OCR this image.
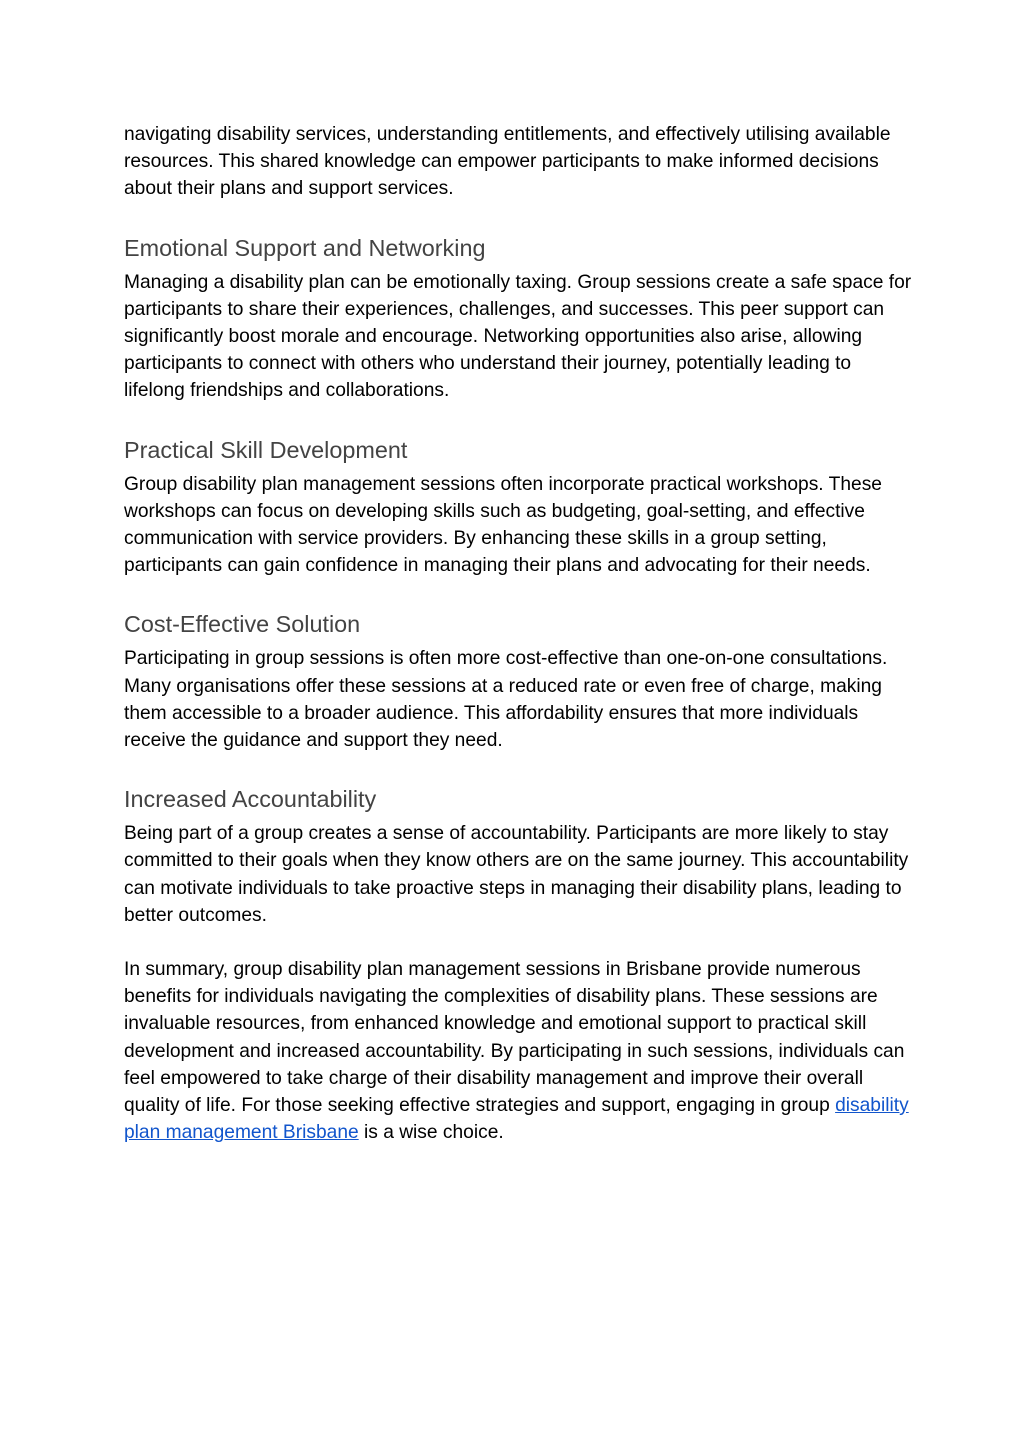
navigating disability services, understanding entitlements, and effectively utilising available resources. This shared knowledge can empower participants to make informed decisions about their plans and support services.

Emotional Support and Networking

Managing a disability plan can be emotionally taxing. Group sessions create a safe space for participants to share their experiences, challenges, and successes. This peer support can significantly boost morale and encourage. Networking opportunities also arise, allowing participants to connect with others who understand their journey, potentially leading to lifelong friendships and collaborations.

Practical Skill Development

Group disability plan management sessions often incorporate practical workshops. These workshops can focus on developing skills such as budgeting, goal-setting, and effective communication with service providers. By enhancing these skills in a group setting, participants can gain confidence in managing their plans and advocating for their needs.

Cost-Effective Solution

Participating in group sessions is often more cost-effective than one-on-one consultations. Many organisations offer these sessions at a reduced rate or even free of charge, making them accessible to a broader audience. This affordability ensures that more individuals receive the guidance and support they need.

Increased Accountability

Being part of a group creates a sense of accountability. Participants are more likely to stay committed to their goals when they know others are on the same journey. This accountability can motivate individuals to take proactive steps in managing their disability plans, leading to better outcomes.

In summary, group disability plan management sessions in Brisbane provide numerous benefits for individuals navigating the complexities of disability plans. These sessions are invaluable resources, from enhanced knowledge and emotional support to practical skill development and increased accountability. By participating in such sessions, individuals can feel empowered to take charge of their disability management and improve their overall quality of life. For those seeking effective strategies and support, engaging in group disability plan management Brisbane is a wise choice.
